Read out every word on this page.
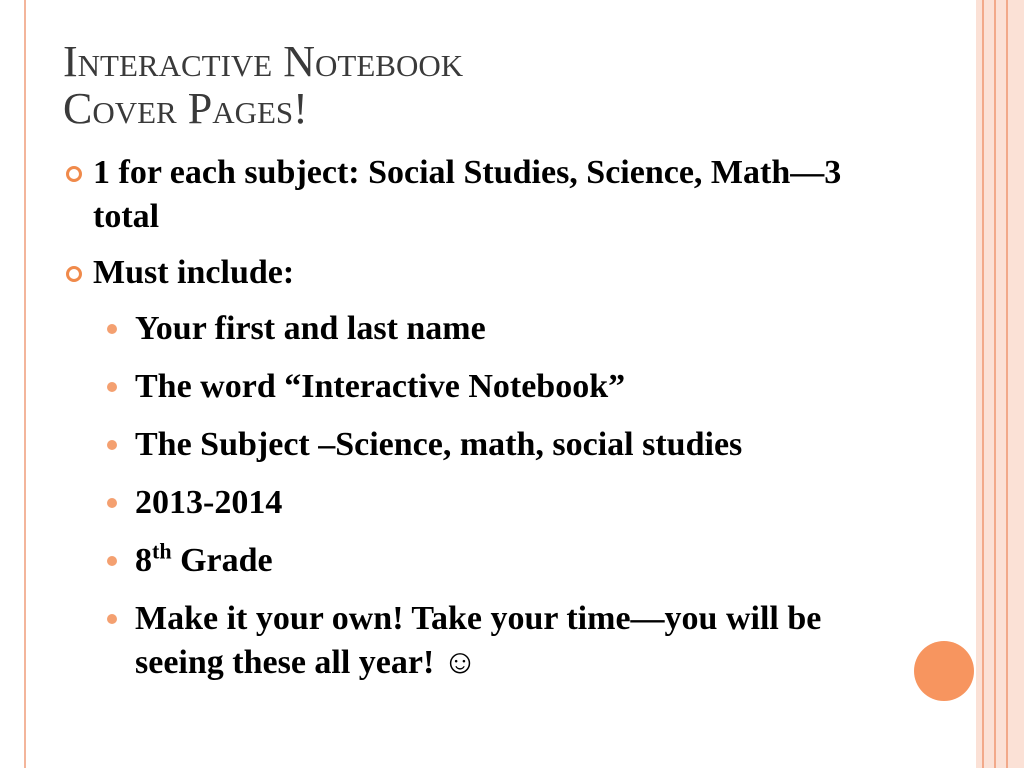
Interactive Notebook
Cover Pages!
1 for each subject: Social Studies, Science, Math—3 total
Must include:
Your first and last name
The word “Interactive Notebook”
The Subject –Science, math, social studies
2013-2014
8th Grade
Make it your own! Take your time—you will be seeing these all year! ☺
